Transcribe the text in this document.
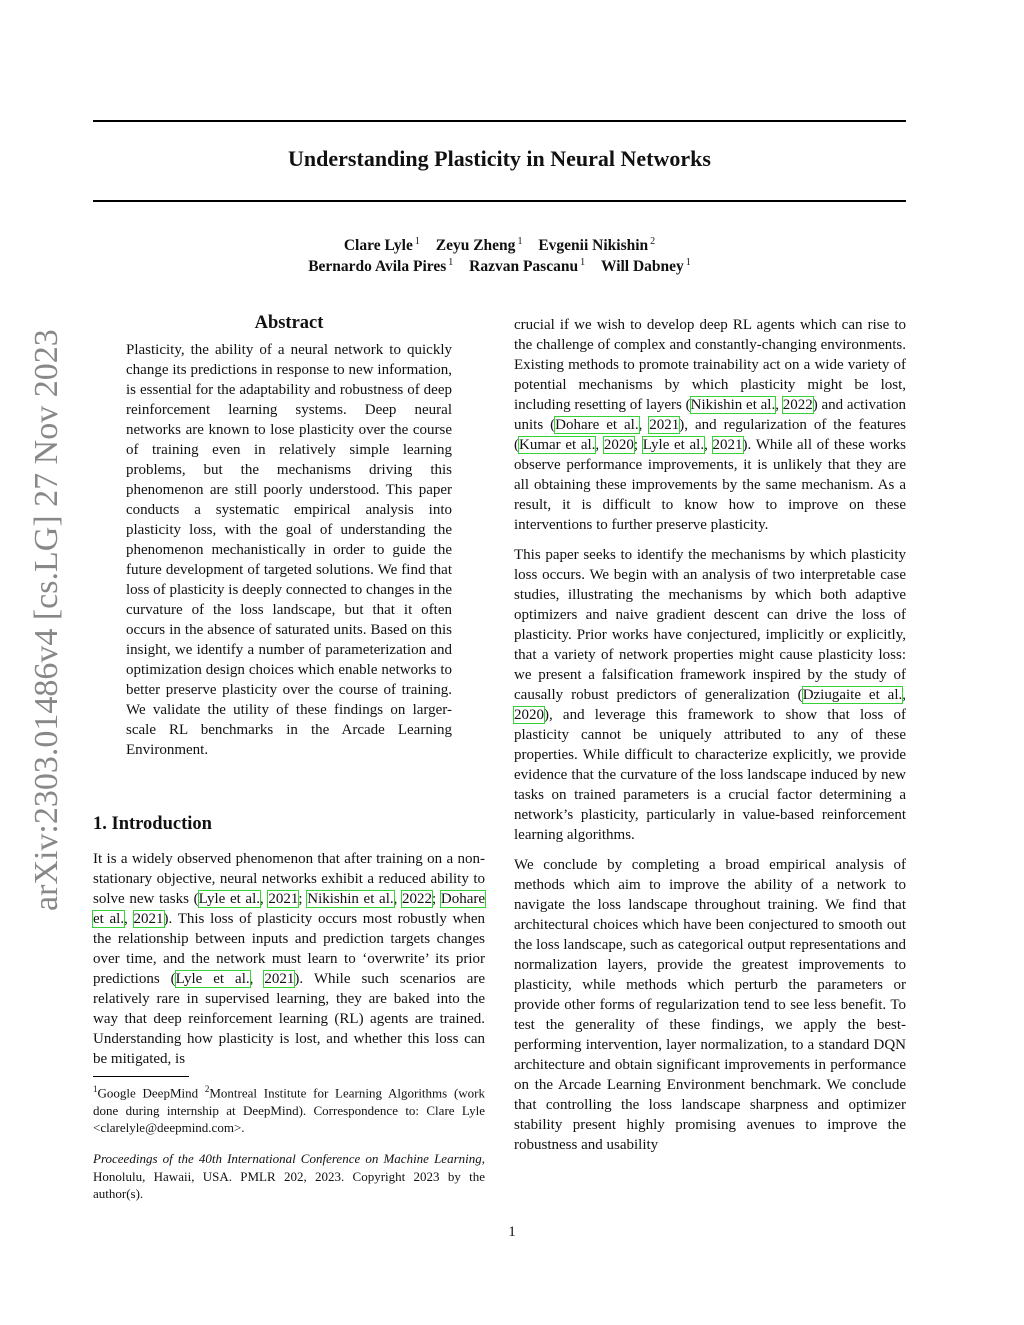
Understanding Plasticity in Neural Networks
Clare Lyle $^1$ Zeyu Zheng $^1$ Evgenii Nikishin $^2$
Bernardo Avila Pires $^1$ Razvan Pascanu $^1$ Will Dabney $^1$
arXiv:2303.01486v4 [cs.LG] 27 Nov 2023
Abstract

Plasticity, the ability of a neural network to quickly change its predictions in response to new information, is essential for the adaptability and robustness of deep reinforcement learning systems. Deep neural networks are known to lose plasticity over the course of training even in relatively simple learning problems, but the mechanisms driving this phenomenon are still poorly understood. This paper conducts a systematic empirical analysis into plasticity loss, with the goal of understanding the phenomenon mechanistically in order to guide the future development of targeted solutions. We find that loss of plasticity is deeply connected to changes in the curvature of the loss landscape, but that it often occurs in the absence of saturated units. Based on this insight, we identify a number of parameterization and optimization design choices which enable networks to better preserve plasticity over the course of training. We validate the utility of these findings on larger-scale RL benchmarks in the Arcade Learning Environment.

1. Introduction

It is a widely observed phenomenon that after training on a non-stationary objective, neural networks exhibit a reduced ability to solve new tasks (Lyle et al., 2021; Nikishin et al., 2022; Dohare et al., 2021). This loss of plasticity occurs most robustly when the relationship between inputs and prediction targets changes over time, and the network must learn to ‘overwrite’ its prior predictions (Lyle et al., 2021). While such scenarios are relatively rare in supervised learning, they are baked into the way that deep reinforcement learning (RL) agents are trained. Understanding how plasticity is lost, and whether this loss can be mitigated, is

crucial if we wish to develop deep RL agents which can rise to the challenge of complex and constantly-changing environments. Existing methods to promote trainability act on a wide variety of potential mechanisms by which plasticity might be lost, including resetting of layers (Nikishin et al., 2022) and activation units (Dohare et al., 2021), and regularization of the features (Kumar et al., 2020; Lyle et al., 2021). While all of these works observe performance improvements, it is unlikely that they are all obtaining these improvements by the same mechanism. As a result, it is difficult to know how to improve on these interventions to further preserve plasticity.

This paper seeks to identify the mechanisms by which plasticity loss occurs. We begin with an analysis of two interpretable case studies, illustrating the mechanisms by which both adaptive optimizers and naive gradient descent can drive the loss of plasticity. Prior works have conjectured, implicitly or explicitly, that a variety of network properties might cause plasticity loss: we present a falsification framework inspired by the study of causally robust predictors of generalization (Dziugaite et al., 2020), and leverage this framework to show that loss of plasticity cannot be uniquely attributed to any of these properties. While difficult to characterize explicitly, we provide evidence that the curvature of the loss landscape induced by new tasks on trained parameters is a crucial factor determining a network’s plasticity, particularly in value-based reinforcement learning algorithms.

We conclude by completing a broad empirical analysis of methods which aim to improve the ability of a network to navigate the loss landscape throughout training. We find that architectural choices which have been conjectured to smooth out the loss landscape, such as categorical output representations and normalization layers, provide the greatest improvements to plasticity, while methods which perturb the parameters or provide other forms of regularization tend to see less benefit. To test the generality of these findings, we apply the best-performing intervention, layer normalization, to a standard DQN architecture and obtain significant improvements in performance on the Arcade Learning Environment benchmark. We conclude that controlling the loss landscape sharpness and optimizer stability present highly promising avenues to improve the robustness and usability

$^1$Google DeepMind $^2$Montreal Institute for Learning Algorithms (work done during internship at DeepMind). Correspondence to: Clare Lyle <clarelyle@deepmind.com>.
Proceedings of the 40th International Conference on Machine Learning, Honolulu, Hawaii, USA. PMLR 202, 2023. Copyright 2023 by the author(s).
1
